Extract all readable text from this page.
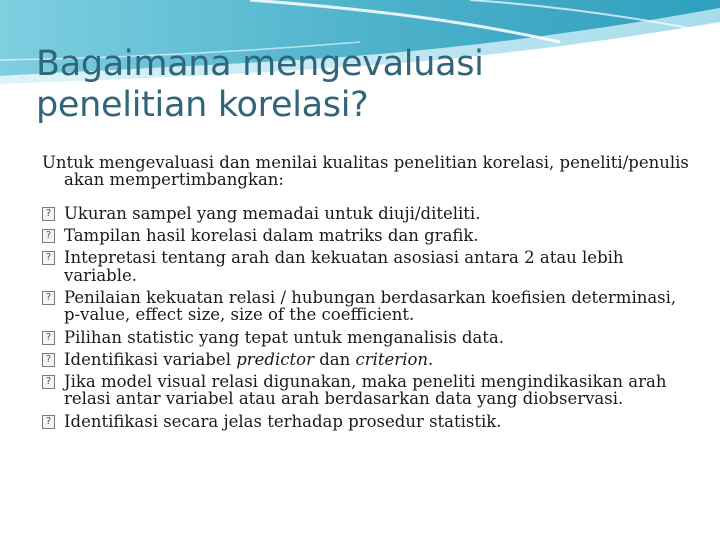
Bagaimana mengevaluasi
penelitian korelasi?

Untuk mengevaluasi dan menilai kualitas penelitian korelasi, peneliti/penulis akan mempertimbangkan:

? Ukuran sampel yang memadai untuk diuji/diteliti.
? Tampilan hasil korelasi dalam matriks dan grafik.
? Intepretasi tentang arah dan kekuatan asosiasi antara 2 atau lebih variable.
? Penilaian kekuatan relasi / hubungan berdasarkan koefisien determinasi, p-value, effect size, size of the coefficient.
? Pilihan statistic yang tepat untuk menganalisis data.
? Identifikasi variabel predictor dan criterion.
? Jika model visual relasi digunakan, maka peneliti mengindikasikan arah relasi antar variabel atau arah berdasarkan data yang diobservasi.
? Identifikasi secara jelas terhadap prosedur statistik.
